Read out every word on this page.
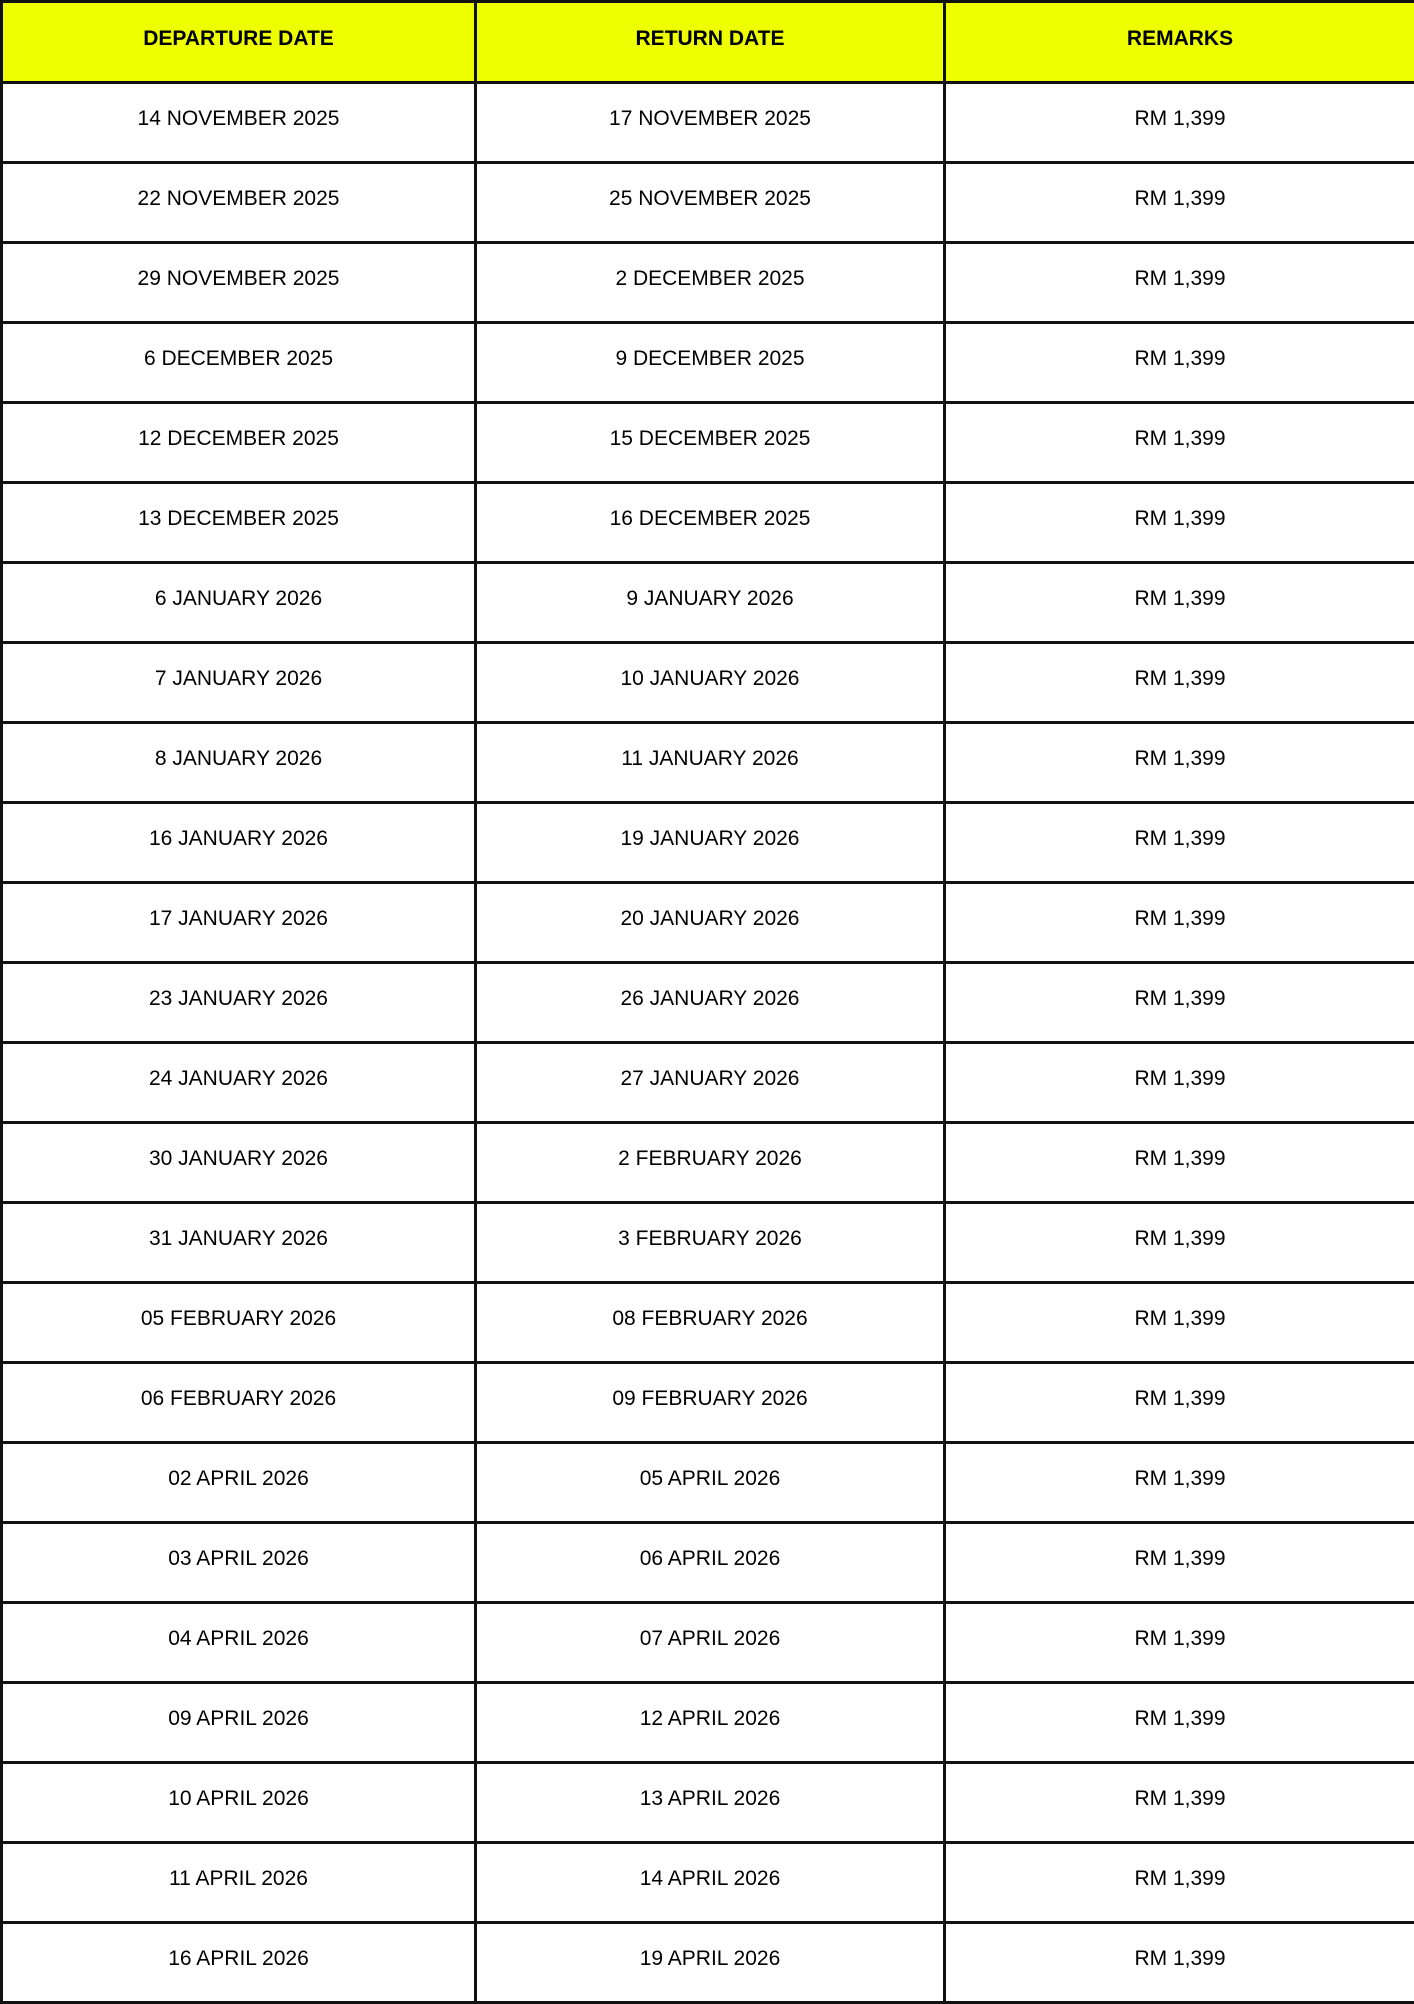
DEPARTURE DATE	RETURN DATE	REMARKS
14 NOVEMBER 2025	17 NOVEMBER 2025	RM 1,399
22 NOVEMBER 2025	25 NOVEMBER 2025	RM 1,399
29 NOVEMBER 2025	2 DECEMBER 2025	RM 1,399
6 DECEMBER 2025	9 DECEMBER 2025	RM 1,399
12 DECEMBER 2025	15 DECEMBER 2025	RM 1,399
13 DECEMBER 2025	16 DECEMBER 2025	RM 1,399
6 JANUARY 2026	9 JANUARY 2026	RM 1,399
7 JANUARY 2026	10 JANUARY 2026	RM 1,399
8 JANUARY 2026	11 JANUARY 2026	RM 1,399
16 JANUARY 2026	19 JANUARY 2026	RM 1,399
17 JANUARY 2026	20 JANUARY 2026	RM 1,399
23 JANUARY 2026	26 JANUARY 2026	RM 1,399
24 JANUARY 2026	27 JANUARY 2026	RM 1,399
30 JANUARY 2026	2 FEBRUARY 2026	RM 1,399
31 JANUARY 2026	3 FEBRUARY 2026	RM 1,399
05 FEBRUARY 2026	08 FEBRUARY 2026	RM 1,399
06 FEBRUARY 2026	09 FEBRUARY 2026	RM 1,399
02 APRIL 2026	05 APRIL 2026	RM 1,399
03 APRIL 2026	06 APRIL 2026	RM 1,399
04 APRIL 2026	07 APRIL 2026	RM 1,399
09 APRIL 2026	12 APRIL 2026	RM 1,399
10 APRIL 2026	13 APRIL 2026	RM 1,399
11 APRIL 2026	14 APRIL 2026	RM 1,399
16 APRIL 2026	19 APRIL 2026	RM 1,399
